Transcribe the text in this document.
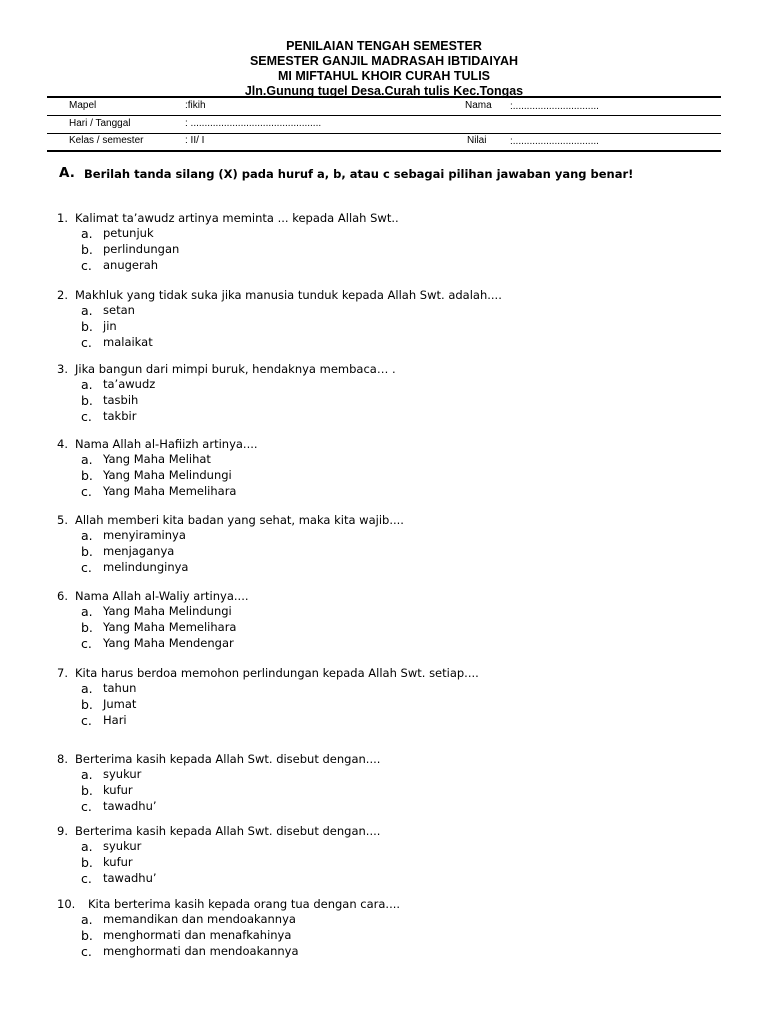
PENILAIAN TENGAH SEMESTER
SEMESTER GANJIL MADRASAH IBTIDAIYAH
MI MIFTAHUL KHOIR CURAH TULIS
Jln.Gunung tugel Desa.Curah tulis Kec.Tongas
Mapel	:fikih	Nama :...............................
Hari / Tanggal	: ...............................................
Kelas / semester	: II/ I	Nilai :...............................
A. Berilah tanda silang (X) pada huruf a, b, atau c sebagai pilihan jawaban yang benar!
1. Kalimat ta’awudz artinya meminta ... kepada Allah Swt..
a. petunjuk
b. perlindungan
c. anugerah
2. Makhluk yang tidak suka jika manusia tunduk kepada Allah Swt. adalah....
a. setan
b. jin
c. malaikat
3. Jika bangun dari mimpi buruk, hendaknya membaca… .
a. ta’awudz
b. tasbih
c. takbir
4. Nama Allah al-Hafiizh artinya....
a. Yang Maha Melihat
b. Yang Maha Melindungi
c. Yang Maha Memelihara
5. Allah memberi kita badan yang sehat, maka kita wajib....
a. menyiraminya
b. menjaganya
c. melindunginya
6. Nama Allah al-Waliy artinya....
a. Yang Maha Melindungi
b. Yang Maha Memelihara
c. Yang Maha Mendengar
7. Kita harus berdoa memohon perlindungan kepada Allah Swt. setiap....
a. tahun
b. Jumat
c. Hari
8. Berterima kasih kepada Allah Swt. disebut dengan....
a. syukur
b. kufur
c. tawadhu’
9. Berterima kasih kepada Allah Swt. disebut dengan....
a. syukur
b. kufur
c. tawadhu’
10. Kita berterima kasih kepada orang tua dengan cara....
a. memandikan dan mendoakannya
b. menghormati dan menafkahinya
c. menghormati dan mendoakannya
